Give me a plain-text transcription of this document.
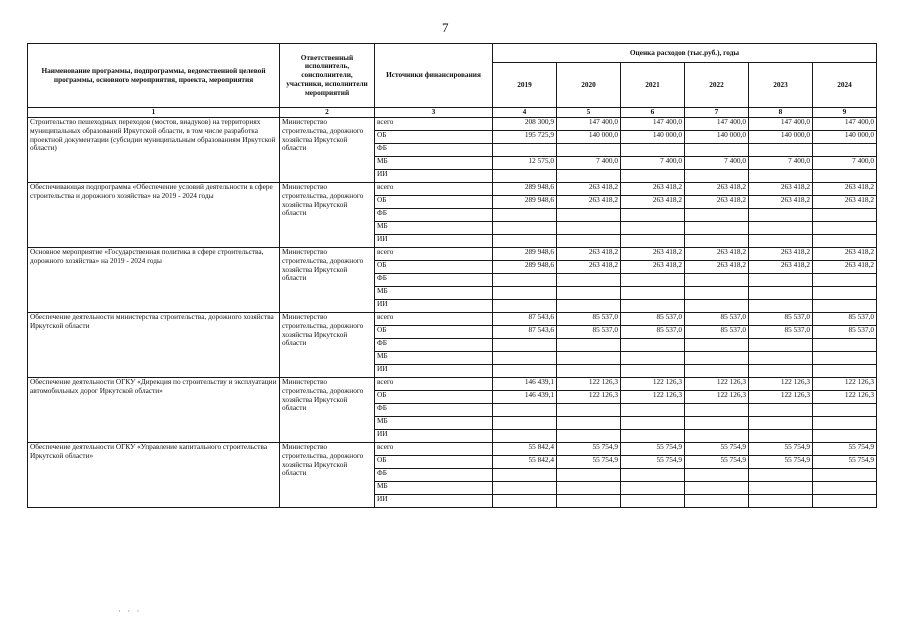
7
Наименование программы, подпрограммы, ведомственной целевой программы, основного мероприятия, проекта, мероприятия	Ответственный исполнитель, соисполнители, участники, исполнители мероприятий	Источники финансирования	Оценка расходов (тыс.руб.), годы					
			2019	2020	2021	2022	2023	2024
1	2	3	4	5	6	7	8	9
Строительство пешеходных переходов (мостов, виадуков) на территориях муниципальных образований Иркутской области, в том числе разработка проектной документации (субсидии муниципальным образованиям Иркутской области)	Министерство строительства, дорожного хозяйства Иркутской области	всего	208 300,9	147 400,0	147 400,0	147 400,0	147 400,0	147 400,0
		ОБ	195 725,9	140 000,0	140 000,0	140 000,0	140 000,0	140 000,0
		ФБ						
		МБ	12 575,0	7 400,0	7 400,0	7 400,0	7 400,0	7 400,0
		ИИ						
Обеспечивающая подпрограмма «Обеспечение условий деятельности в сфере строительства и дорожного хозяйства» на 2019 - 2024 годы	Министерство строительства, дорожного хозяйства Иркутской области	всего	289 948,6	263 418,2	263 418,2	263 418,2	263 418,2	263 418,2
		ОБ	289 948,6	263 418,2	263 418,2	263 418,2	263 418,2	263 418,2
		ФБ						
		МБ						
		ИИ						
Основное мероприятие «Государственная политика в сфере строительства, дорожного хозяйства» на 2019 - 2024 годы	Министерство строительства, дорожного хозяйства Иркутской области	всего	289 948,6	263 418,2	263 418,2	263 418,2	263 418,2	263 418,2
		ОБ	289 948,6	263 418,2	263 418,2	263 418,2	263 418,2	263 418,2
		ФБ						
		МБ						
		ИИ						
Обеспечение деятельности министерства строительства, дорожного хозяйства Иркутской области	Министерство строительства, дорожного хозяйства Иркутской области	всего	87 543,6	85 537,0	85 537,0	85 537,0	85 537,0	85 537,0
		ОБ	87 543,6	85 537,0	85 537,0	85 537,0	85 537,0	85 537,0
		ФБ						
		МБ						
		ИИ						
Обеспечение деятельности ОГКУ «Дирекция по строительству и эксплуатации автомобильных дорог Иркутской области»	Министерство строительства, дорожного хозяйства Иркутской области	всего	146 439,1	122 126,3	122 126,3	122 126,3	122 126,3	122 126,3
		ОБ	146 439,1	122 126,3	122 126,3	122 126,3	122 126,3	122 126,3
		ФБ						
		МБ						
		ИИ						
Обеспечение деятельности ОГКУ «Управление капитального строительства Иркутской области»	Министерство строительства, дорожного хозяйства Иркутской области	всего	55 842,4	55 754,9	55 754,9	55 754,9	55 754,9	55 754,9
		ОБ	55 842,4	55 754,9	55 754,9	55 754,9	55 754,9	55 754,9
		ФБ						
		МБ						
		ИИ						
· · ·
